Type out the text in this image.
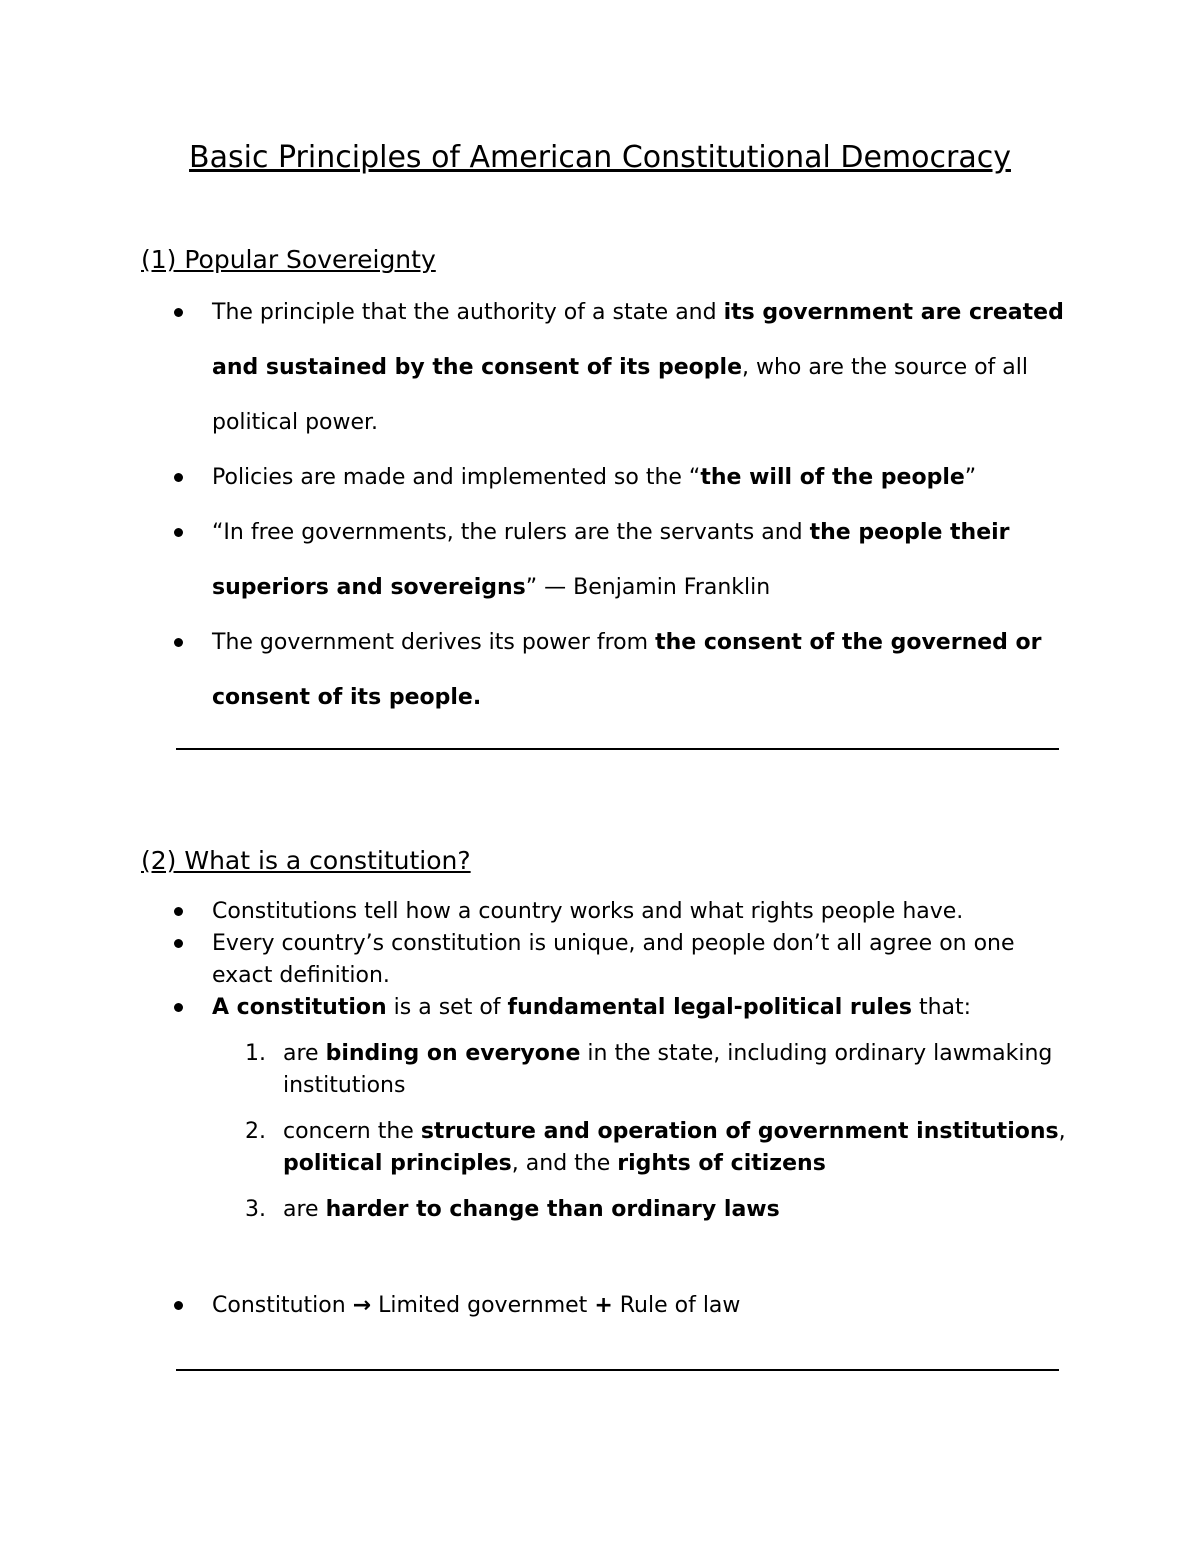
Basic Principles of American Constitutional Democracy
(1) Popular Sovereignty
The principle that the authority of a state and its government are created and sustained by the consent of its people, who are the source of all political power.
Policies are made and implemented so the “the will of the people”
“In free governments, the rulers are the servants and the people their superiors and sovereigns” — Benjamin Franklin
The government derives its power from the consent of the governed or consent of its people.
(2) What is a constitution?
Constitutions tell how a country works and what rights people have.
Every country’s constitution is unique, and people don’t all agree on one exact definition.
A constitution is a set of fundamental legal-political rules that:
1. are binding on everyone in the state, including ordinary lawmaking institutions
2. concern the structure and operation of government institutions, political principles, and the rights of citizens
3. are harder to change than ordinary laws
Constitution → Limited governmet + Rule of law
